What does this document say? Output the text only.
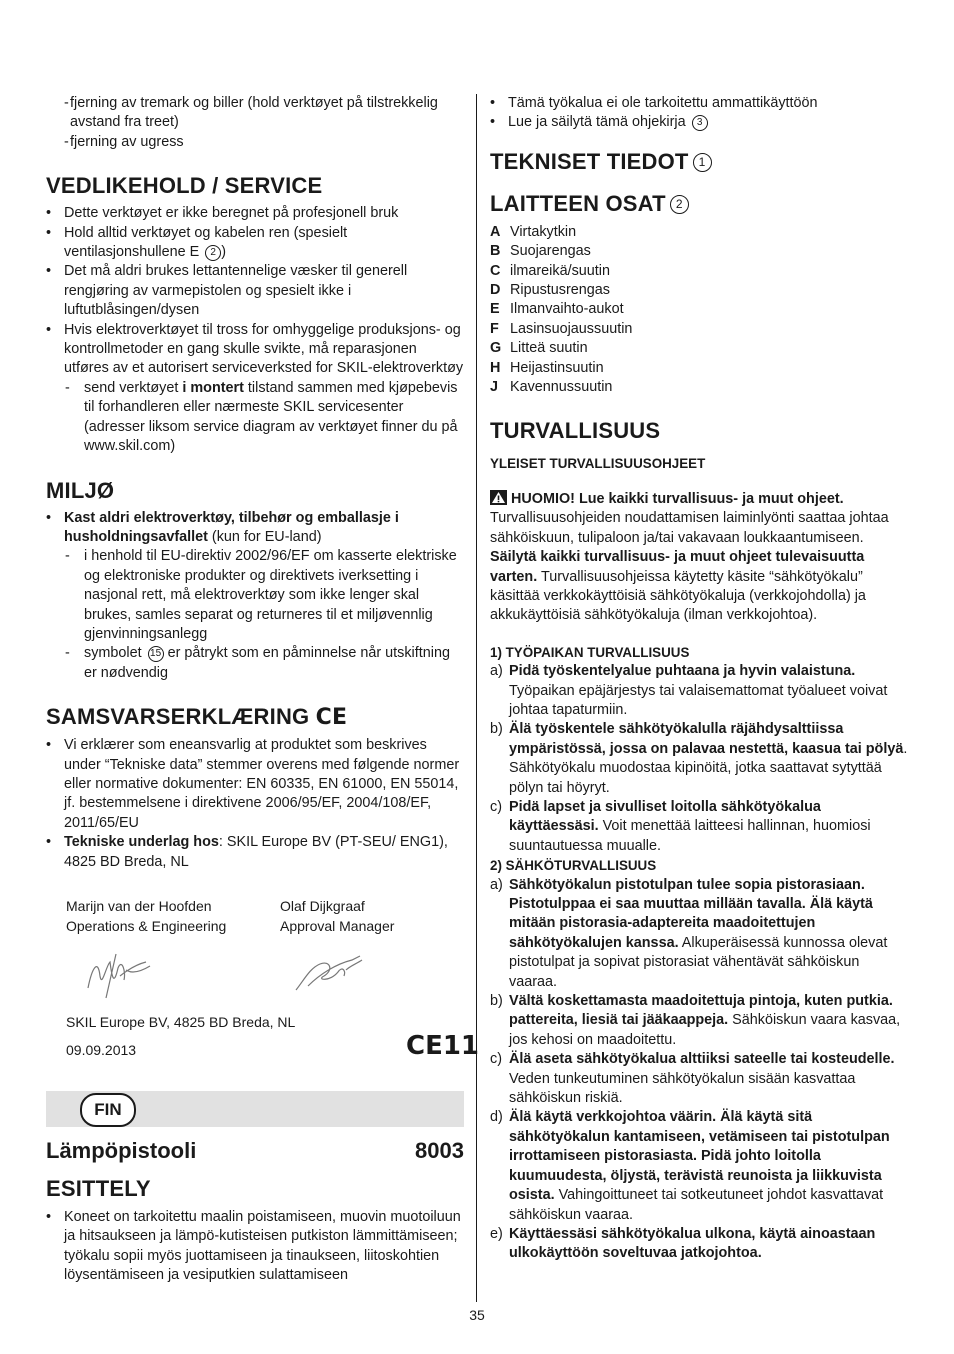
- fjerning av tremark og biller (hold verktøyet på tilstrekkelig avstand fra treet)
- fjerning av ugress
VEDLIKEHOLD / SERVICE
• Dette verktøyet er ikke beregnet på profesjonell bruk
• Hold alltid verktøyet og kabelen ren (spesielt ventilasjonshullene E 2 )
• Det må aldri brukes lettantennelige væsker til generell rengjøring av varmepistolen og spesielt ikke i luftutblåsingen/dysen
• Hvis elektroverktøyet til tross for omhyggelige produksjons- og kontrollmetoder en gang skulle svikte, må reparasjonen utføres av et autorisert serviceverksted for SKIL-elektroverktøy
- send verktøyet i montert tilstand sammen med kjøpebevis til forhandleren eller nærmeste SKIL servicesenter (adresser liksom service diagram av verktøyet finner du på www.skil.com)
MILJØ
• Kast aldri elektroverktøy, tilbehør og emballasje i husholdningsavfallet (kun for EU-land)
- i henhold til EU-direktiv 2002/96/EF om kasserte elektriske og elektroniske produkter og direktivets iverksetting i nasjonal rett, må elektroverktøy som ikke lenger skal brukes, samles separat og returneres til et miljøvennlig gjenvinningsanlegg
- symbolet 15 er påtrykt som en påminnelse når utskiftning er nødvendig
SAMSVARSERKLÆRING CE
• Vi erklærer som eneansvarlig at produktet som beskrives under “Tekniske data” stemmer overens med følgende normer eller normative dokumenter: EN 60335, EN 61000, EN 55014, jf. bestemmelsene i direktivene 2006/95/EF, 2004/108/EF, 2011/65/EU
• Tekniske underlag hos: SKIL Europe BV (PT-SEU/ ENG1), 4825 BD Breda, NL
Marijn van der Hoofden
Operations & Engineering
Olaf Dijkgraaf
Approval Manager
SKIL Europe BV, 4825 BD Breda, NL
09.09.2013	CE11
FIN
Lämpöpistooli	8003
ESITTELY
• Koneet on tarkoitettu maalin poistamiseen, muovin muotoiluun ja hitsaukseen ja lämpö-kutisteisen putkiston lämmittämiseen; työkalu sopii myös juottamiseen ja tinaukseen, liitoskohtien löysentämiseen ja vesiputkien sulattamiseen
• Tämä työkalua ei ole tarkoitettu ammattikäyttöön
• Lue ja säilytä tämä ohjekirja 3
TEKNISET TIEDOT 1
LAITTEEN OSAT 2
A Virtakytkin
B Suojarengas
C ilmareikä/suutin
D Ripustusrengas
E Ilmanvaihto-aukot
F Lasinsuojaussuutin
G Litteä suutin
H Heijastinsuutin
J Kavennussuutin
TURVALLISUUS
YLEISET TURVALLISUUSOHJEET
HUOMIO! Lue kaikki turvallisuus- ja muut ohjeet. Turvallisuusohjeiden noudattamisen laiminlyönti saattaa johtaa sähköiskuun, tulipaloon ja/tai vakavaan loukkaantumiseen. Säilytä kaikki turvallisuus- ja muut ohjeet tulevaisuutta varten. Turvallisuusohjeissa käytetty käsite “sähkötyökalu” käsittää verkkokäyttöisiä sähkötyökaluja (verkkojohdolla) ja akkukäyttöisiä sähkötyökaluja (ilman verkkojohtoa).
1) TYÖPAIKAN TURVALLISUUS
a) Pidä työskentelyalue puhtaana ja hyvin valaistuna. Työpaikan epäjärjestys tai valaisemattomat työalueet voivat johtaa tapaturmiin.
b) Älä työskentele sähkötyökalulla räjähdysalttiissa ympäristössä, jossa on palavaa nestettä, kaasua tai pölyä. Sähkötyökalu muodostaa kipinöitä, jotka saattavat sytyttää pölyn tai höyryt.
c) Pidä lapset ja sivulliset loitolla sähkötyökalua käyttäessäsi. Voit menettää laitteesi hallinnan, huomiosi suuntautuessa muualle.
2) SÄHKÖTURVALLISUUS
a) Sähkötyökalun pistotulpan tulee sopia pistorasiaan. Pistotulppaa ei saa muuttaa millään tavalla. Älä käytä mitään pistorasia-adaptereita maadoitettujen sähkötyökalujen kanssa. Alkuperäisessä kunnossa olevat pistotulpat ja sopivat pistorasiat vähentävät sähköiskun vaaraa.
b) Vältä koskettamasta maadoitettuja pintoja, kuten putkia. pattereita, liesiä tai jääkaappeja. Sähköiskun vaara kasvaa, jos kehosi on maadoitettu.
c) Älä aseta sähkötyökalua alttiiksi sateelle tai kosteudelle. Veden tunkeutuminen sähkötyökalun sisään kasvattaa sähköiskun riskiä.
d) Älä käytä verkkojohtoa väärin. Älä käytä sitä sähkötyökalun kantamiseen, vetämiseen tai pistotulpan irrottamiseen pistorasiasta. Pidä johto loitolla kuumuudesta, öljystä, terävistä reunoista ja liikkuvista osista. Vahingoittuneet tai sotkeutuneet johdot kasvattavat sähköiskun vaaraa.
e) Käyttäessäsi sähkötyökalua ulkona, käytä ainoastaan ulkokäyttöön soveltuvaa jatkojohtoa.
35
